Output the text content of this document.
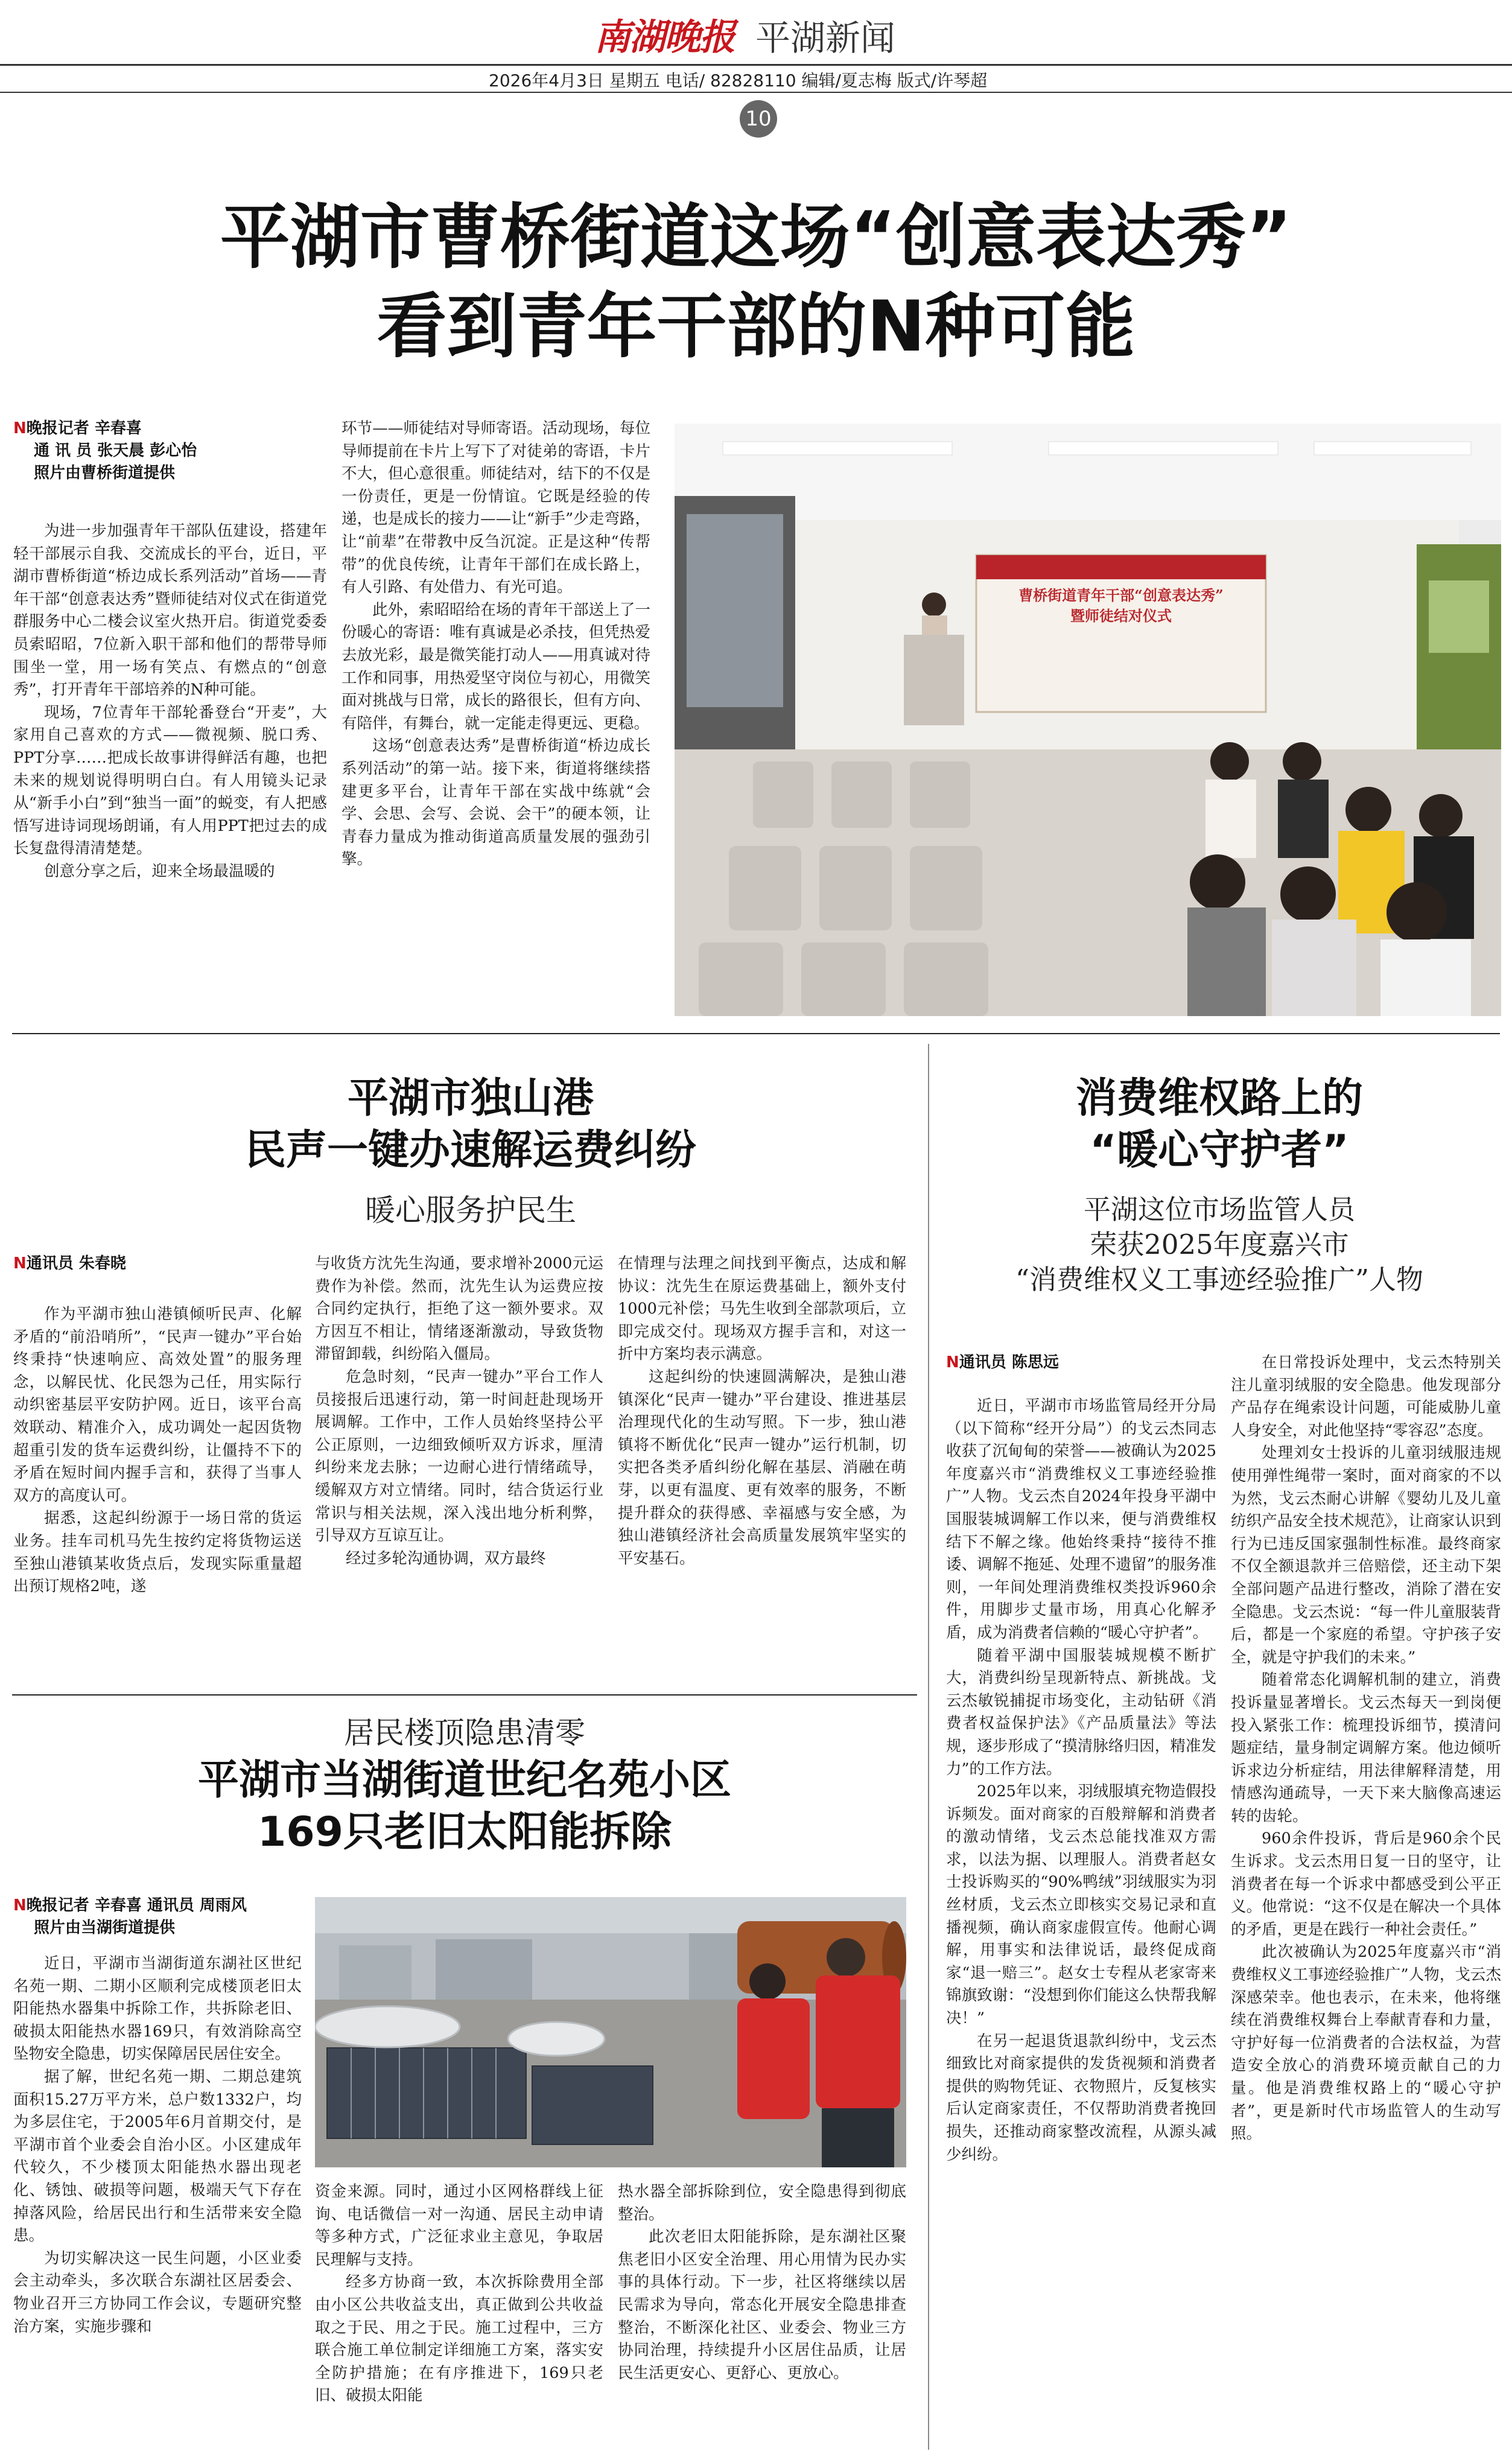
南湖晚报 平湖新闻
2026年4月3日 星期五 电话/ 82828110 编辑/夏志梅 版式/许琴超
10
平湖市曹桥街道这场“创意表达秀”
看到青年干部的N种可能
N晚报记者 辛春喜
通 讯 员 张天晨 彭心怡
照片由曹桥街道提供

为进一步加强青年干部队伍建设，搭建年轻干部展示自我、交流成长的平台，近日，平湖市曹桥街道“桥边成长系列活动”首场——青年干部“创意表达秀”暨师徒结对仪式在街道党群服务中心二楼会议室火热开启。街道党委委员索昭昭，7位新入职干部和他们的帮带导师围坐一堂，用一场有笑点、有燃点的“创意秀”，打开青年干部培养的N种可能。

现场，7位青年干部轮番登台“开麦”，大家用自己喜欢的方式——微视频、脱口秀、PPT分享……把成长故事讲得鲜活有趣，也把未来的规划说得明明白白。有人用镜头记录从“新手小白”到“独当一面”的蜕变，有人把感悟写进诗词现场朗诵，有人用PPT把过去的成长复盘得清清楚楚。

创意分享之后，迎来全场最温暖的

环节——师徒结对导师寄语。活动现场，每位导师提前在卡片上写下了对徒弟的寄语，卡片不大，但心意很重。师徒结对，结下的不仅是一份责任，更是一份情谊。它既是经验的传递，也是成长的接力——让“新手”少走弯路，让“前辈”在带教中反刍沉淀。正是这种“传帮带”的优良传统，让青年干部们在成长路上，有人引路、有处借力、有光可追。

此外，索昭昭给在场的青年干部送上了一份暖心的寄语：唯有真诚是必杀技，但凭热爱去放光彩，最是微笑能打动人——用真诚对待工作和同事，用热爱坚守岗位与初心，用微笑面对挑战与日常，成长的路很长，但有方向、有陪伴，有舞台，就一定能走得更远、更稳。

这场“创意表达秀”是曹桥街道“桥边成长系列活动”的第一站。接下来，街道将继续搭建更多平台，让青年干部在实战中练就“会学、会思、会写、会说、会干”的硬本领，让青春力量成为推动街道高质量发展的强劲引擎。

曹桥街道青年干部“创意表达秀”
暨师徒结对仪式
平湖市独山港
民声一键办速解运费纠纷
暖心服务护民生
N通讯员 朱春晓

作为平湖市独山港镇倾听民声、化解矛盾的“前沿哨所”，“民声一键办”平台始终秉持“快速响应、高效处置”的服务理念，以解民忧、化民怨为己任，用实际行动织密基层平安防护网。近日，该平台高效联动、精准介入，成功调处一起因货物超重引发的货车运费纠纷，让僵持不下的矛盾在短时间内握手言和，获得了当事人双方的高度认可。

据悉，这起纠纷源于一场日常的货运业务。挂车司机马先生按约定将货物运送至独山港镇某收货点后，发现实际重量超出预订规格2吨，遂

与收货方沈先生沟通，要求增补2000元运费作为补偿。然而，沈先生认为运费应按合同约定执行，拒绝了这一额外要求。双方因互不相让，情绪逐渐激动，导致货物滞留卸载，纠纷陷入僵局。

危急时刻，“民声一键办”平台工作人员接报后迅速行动，第一时间赶赴现场开展调解。工作中，工作人员始终坚持公平公正原则，一边细致倾听双方诉求，厘清纠纷来龙去脉；一边耐心进行情绪疏导，缓解双方对立情绪。同时，结合货运行业常识与相关法规，深入浅出地分析利弊，引导双方互谅互让。

经过多轮沟通协调，双方最终

在情理与法理之间找到平衡点，达成和解协议：沈先生在原运费基础上，额外支付1000元补偿；马先生收到全部款项后，立即完成交付。现场双方握手言和，对这一折中方案均表示满意。

这起纠纷的快速圆满解决，是独山港镇深化“民声一键办”平台建设、推进基层治理现代化的生动写照。下一步，独山港镇将不断优化“民声一键办”运行机制，切实把各类矛盾纠纷化解在基层、消融在萌芽，以更有温度、更有效率的服务，不断提升群众的获得感、幸福感与安全感，为独山港镇经济社会高质量发展筑牢坚实的平安基石。

居民楼顶隐患清零
平湖市当湖街道世纪名苑小区
169只老旧太阳能拆除
N晚报记者 辛春喜 通讯员 周雨风
照片由当湖街道提供

近日，平湖市当湖街道东湖社区世纪名苑一期、二期小区顺利完成楼顶老旧太阳能热水器集中拆除工作，共拆除老旧、破损太阳能热水器169只，有效消除高空坠物安全隐患，切实保障居民居住安全。

据了解，世纪名苑一期、二期总建筑面积15.27万平方米，总户数1332户，均为多层住宅，于2005年6月首期交付，是平湖市首个业委会自治小区。小区建成年代较久，不少楼顶太阳能热水器出现老化、锈蚀、破损等问题，极端天气下存在掉落风险，给居民出行和生活带来安全隐患。

为切实解决这一民生问题，小区业委会主动牵头，多次联合东湖社区居委会、物业召开三方协同工作会议，专题研究整治方案，实施步骤和

资金来源。同时，通过小区网格群线上征询、电话微信一对一沟通、居民主动申请等多种方式，广泛征求业主意见，争取居民理解与支持。

经多方协商一致，本次拆除费用全部由小区公共收益支出，真正做到公共收益取之于民、用之于民。施工过程中，三方联合施工单位制定详细施工方案，落实安全防护措施；在有序推进下，169只老旧、破损太阳能

热水器全部拆除到位，安全隐患得到彻底整治。

此次老旧太阳能拆除，是东湖社区聚焦老旧小区安全治理、用心用情为民办实事的具体行动。下一步，社区将继续以居民需求为导向，常态化开展安全隐患排查整治，不断深化社区、业委会、物业三方协同治理，持续提升小区居住品质，让居民生活更安心、更舒心、更放心。

消费维权路上的
“暖心守护者”
平湖这位市场监管人员
荣获2025年度嘉兴市
“消费维权义工事迹经验推广”人物
N通讯员 陈思远

近日，平湖市市场监管局经开分局（以下简称“经开分局”）的戈云杰同志收获了沉甸甸的荣誉——被确认为2025年度嘉兴市“消费维权义工事迹经验推广”人物。戈云杰自2024年投身平湖中国服装城调解工作以来，便与消费维权结下不解之缘。他始终秉持“接待不推诿、调解不拖延、处理不遗留”的服务准则，一年间处理消费维权类投诉960余件，用脚步丈量市场，用真心化解矛盾，成为消费者信赖的“暖心守护者”。

随着平湖中国服装城规模不断扩大，消费纠纷呈现新特点、新挑战。戈云杰敏锐捕捉市场变化，主动钻研《消费者权益保护法》《产品质量法》等法规，逐步形成了“摸清脉络归因，精准发力”的工作方法。

2025年以来，羽绒服填充物造假投诉频发。面对商家的百般辩解和消费者的激动情绪，戈云杰总能找准双方需求，以法为据、以理服人。消费者赵女士投诉购买的“90%鸭绒”羽绒服实为羽丝材质，戈云杰立即核实交易记录和直播视频，确认商家虚假宣传。他耐心调解，用事实和法律说话，最终促成商家“退一赔三”。赵女士专程从老家寄来锦旗致谢：“没想到你们能这么快帮我解决！”

在另一起退货退款纠纷中，戈云杰细致比对商家提供的发货视频和消费者提供的购物凭证、衣物照片，反复核实后认定商家责任，不仅帮助消费者挽回损失，还推动商家整改流程，从源头减少纠纷。

在日常投诉处理中，戈云杰特别关注儿童羽绒服的安全隐患。他发现部分产品存在绳索设计问题，可能威胁儿童人身安全，对此他坚持“零容忍”态度。

处理刘女士投诉的儿童羽绒服违规使用弹性绳带一案时，面对商家的不以为然，戈云杰耐心讲解《婴幼儿及儿童纺织产品安全技术规范》，让商家认识到行为已违反国家强制性标准。最终商家不仅全额退款并三倍赔偿，还主动下架全部问题产品进行整改，消除了潜在安全隐患。戈云杰说：“每一件儿童服装背后，都是一个家庭的希望。守护孩子安全，就是守护我们的未来。”

随着常态化调解机制的建立，消费投诉量显著增长。戈云杰每天一到岗便投入紧张工作：梳理投诉细节，摸清问题症结，量身制定调解方案。他边倾听诉求边分析症结，用法律解释清楚，用情感沟通疏导，一天下来大脑像高速运转的齿轮。

960余件投诉，背后是960余个民生诉求。戈云杰用日复一日的坚守，让消费者在每一个诉求中都感受到公平正义。他常说：“这不仅是在解决一个具体的矛盾，更是在践行一种社会责任。”

此次被确认为2025年度嘉兴市“消费维权义工事迹经验推广”人物，戈云杰深感荣幸。他也表示，在未来，他将继续在消费维权舞台上奉献青春和力量，守护好每一位消费者的合法权益，为营造安全放心的消费环境贡献自己的力量。他是消费维权路上的“暖心守护者”，更是新时代市场监管人的生动写照。
